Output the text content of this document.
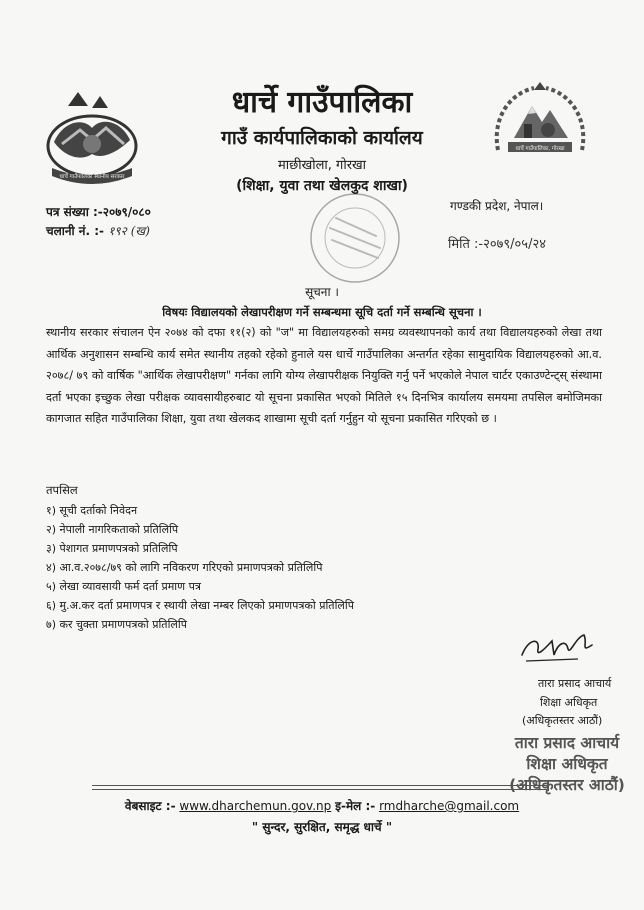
धार्चे गाउँपालिका स्थानीय सरकार
धार्चे गाउँपालिका, गोरखा
धार्चे गाउँपालिका
गाउँ कार्यपालिकाको कार्यालय
माछीखोला, गोरखा
(शिक्षा, युवा तथा खेलकुद शाखा)
पत्र संख्या :-२०७९/०८०
चलानी नं. :- १९२ (ख)
गण्डकी प्रदेश, नेपाल।
मिति :-२०७९/०५/२४
सूचना ।
विषयः विद्यालयको लेखापरीक्षण गर्ने सम्बन्धमा सूचि दर्ता गर्ने सम्बन्धि सूचना ।
स्थानीय सरकार संचालन ऐन २०७४ को दफा ११(२) को "ज" मा विद्यालयहरुको समग्र व्यवस्थापनको कार्य तथा विद्यालयहरुको लेखा तथा आर्थिक अनुशासन सम्बन्धि कार्य समेत स्थानीय तहको रहेको हुनाले यस धार्चे गाउँपालिका अन्तर्गत रहेका सामुदायिक विद्यालयहरुको आ.व. २०७८/ ७९ को वार्षिक "आर्थिक लेखापरीक्षण" गर्नका लागि योग्य लेखापरीक्षक नियुक्ति गर्नु पर्ने भएकोले नेपाल चार्टर एकाउण्टेन्ट्स् संस्थामा दर्ता भएका इच्छुक लेखा परीक्षक व्यावसायीहरुबाट यो सूचना प्रकासित भएको मितिले १५ दिनभित्र कार्यालय समयमा तपसिल बमोजिमका कागजात सहित गाउँपालिका शिक्षा, युवा तथा खेलकद शाखामा सूची दर्ता गर्नुहुन यो सूचना प्रकासित गरिएको छ ।
तपसिल
१) सूची दर्ताको निवेदन
२) नेपाली नागरिकताको प्रतिलिपि
३) पेशागत प्रमाणपत्रको प्रतिलिपि
४) आ.व.२०७८/७९ को लागि नविकरण गरिएको प्रमाणपत्रको प्रतिलिपि
५) लेखा व्यावसायी फर्म दर्ता प्रमाण पत्र
६) मु.अ.कर दर्ता प्रमाणपत्र र स्थायी लेखा नम्बर लिएको प्रमाणपत्रको प्रतिलिपि
७) कर चुक्ता प्रमाणपत्रको प्रतिलिपि
तारा प्रसाद आचार्य
शिक्षा अधिकृत
(अधिकृतस्तर आठौं)
तारा प्रसाद आचार्य
शिक्षा अधिकृत
(अधिकृतस्तर आठौं)
वेबसाइट :- www.dharchemun.gov.np इ-मेल :- rmdharche@gmail.com
" सुन्दर, सुरक्षित, समृद्ध धार्चे "
